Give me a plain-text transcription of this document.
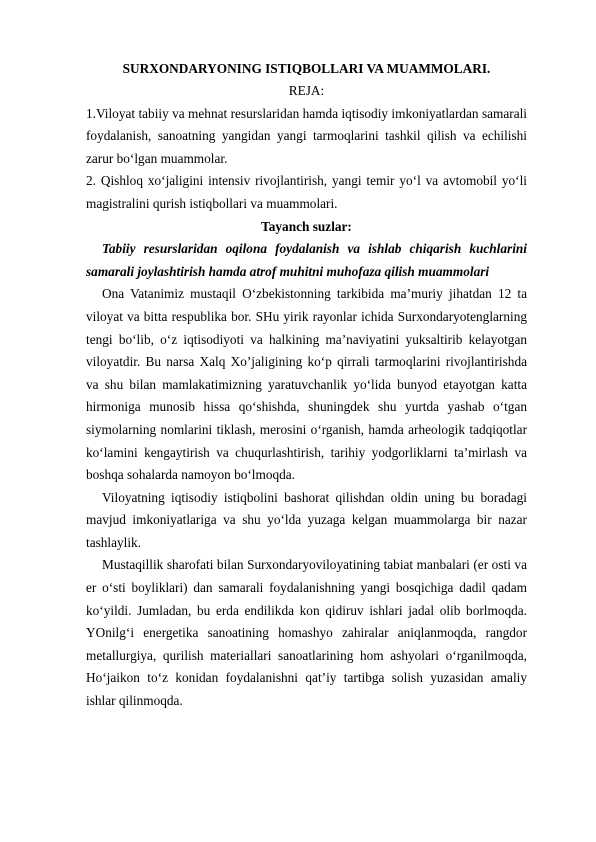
SURXONDARYONING ISTIQBOLLARI VA MUAMMOLARI.

REJA:

1.Viloyat tabiiy va mehnat resurslaridan hamda iqtisodiy imkoniyatlardan samarali foydalanish, sanoatning yangidan yangi tarmoqlarini tashkil qilish va echilishi zarur bo‘lgan muammolar.

2. Qishloq xo‘jaligini intensiv rivojlantirish, yangi temir yo‘l va avtomobil yo‘li magistralini qurish istiqbollari va muammolari.

Tayanch suzlar:

Tabiiy resurslaridan oqilona foydalanish va ishlab chiqarish kuchlarini samarali joylashtirish hamda atrof muhitni muhofaza qilish muammolari

Ona Vatanimiz mustaqil O‘zbekistonning tarkibida ma’muriy jihatdan 12 ta viloyat va bitta respublika bor. SHu yirik rayonlar ichida Surxondaryotenglarning tengi bo‘lib, o‘z iqtisodiyoti va halkining ma’naviyatini yuksaltirib kelayotgan viloyatdir. Bu narsa Xalq Xo’jaligining ko‘p qirrali tarmoqlarini rivojlantirishda va shu bilan mamlakatimizning yaratuvchanlik yo‘lida bunyod etayotgan katta hirmoniga munosib hissa qo‘shishda, shuningdek shu yurtda yashab o‘tgan siymolarning nomlarini tiklash, merosini o‘rganish, hamda arheologik tadqiqotlar ko‘lamini kengaytirish va chuqurlashtirish, tarihiy yodgorliklarni ta’mirlash va boshqa sohalarda namoyon bo‘lmoqda.

Viloyatning iqtisodiy istiqbolini bashorat qilishdan oldin uning bu boradagi mavjud imkoniyatlariga va shu yo‘lda yuzaga kelgan muammolarga bir nazar tashlaylik.

Mustaqillik sharofati bilan Surxondaryoviloyatining tabiat manbalari (er osti va er o‘sti boyliklari) dan samarali foydalanishning yangi bosqichiga dadil qadam ko‘yildi. Jumladan, bu erda endilikda kon qidiruv ishlari jadal olib borlmoqda. YOnilg‘i energetika sanoatining homashyo zahiralar aniqlanmoqda, rangdor metallurgiya, qurilish materiallari sanoatlarining hom ashyolari o‘rganilmoqda, Ho‘jaikon to‘z konidan foydalanishni qat’iy tartibga solish yuzasidan amaliy ishlar qilinmoqda.
